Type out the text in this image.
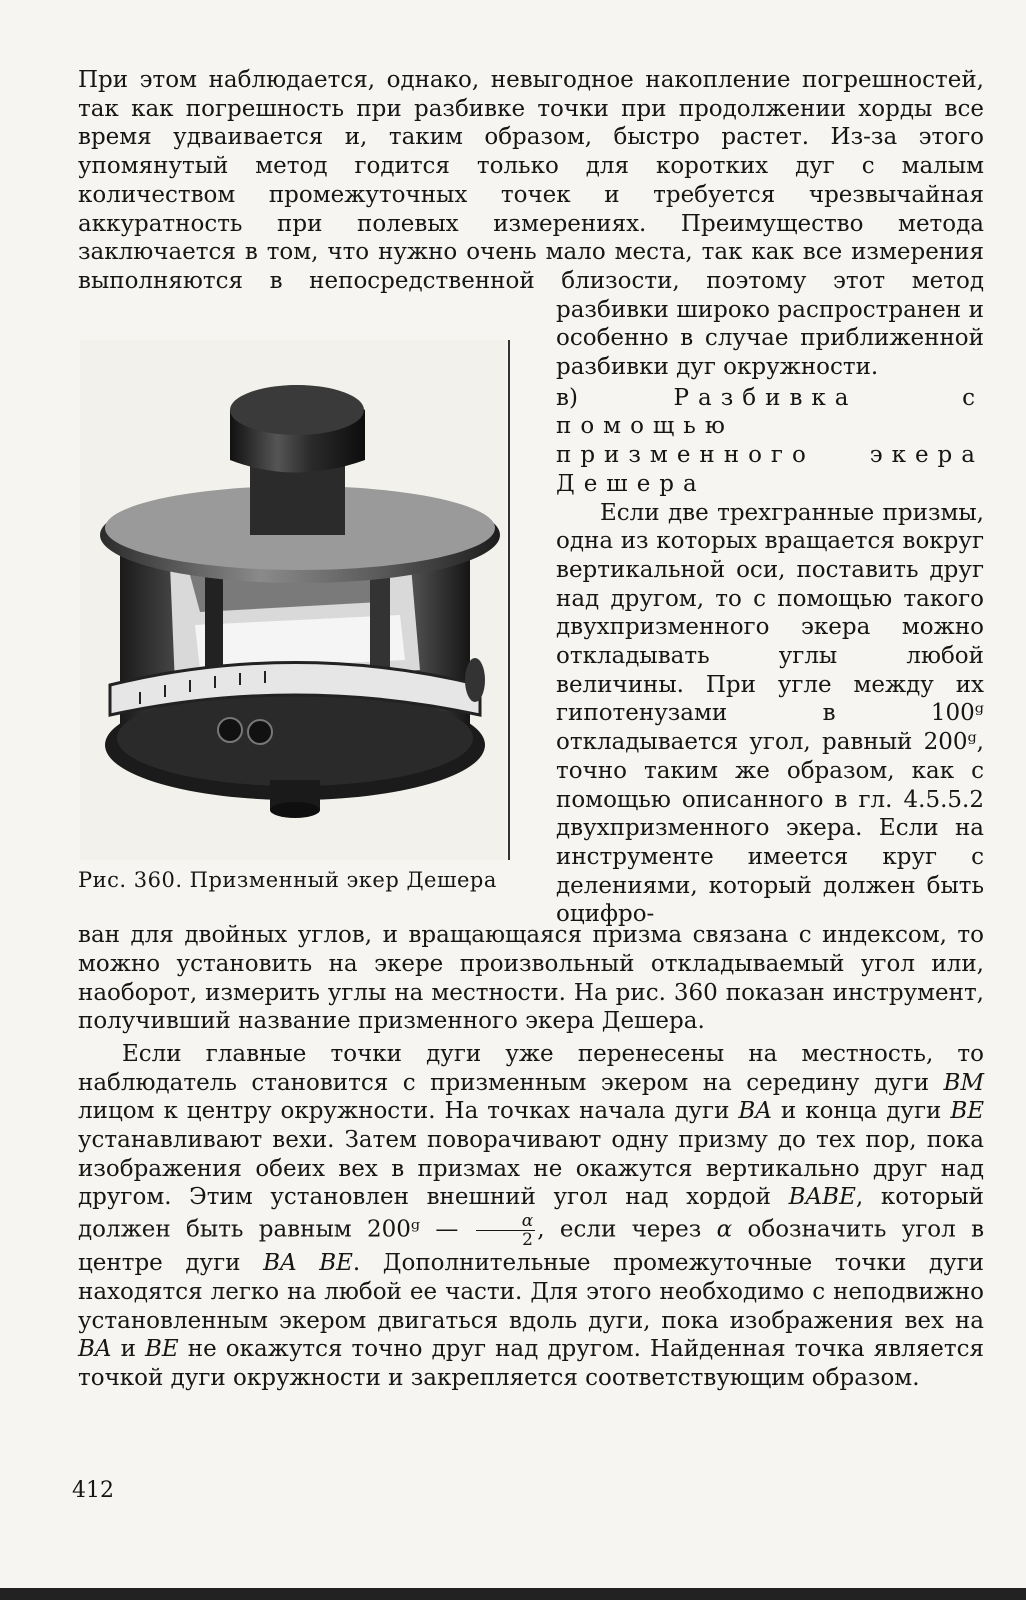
При этом наблюдается, однако, невыгодное накопление погрешностей, так как погрешность при разбивке точки при продолжении хорды все время удваивается и, таким образом, быстро растет. Из-за этого упомянутый метод годится только для коротких дуг с малым количеством промежуточных точек и требуется чрезвычайная аккуратность при полевых измерениях. Преимущество метода заключается в том, что нужно очень мало места, так как все измерения выполняются в непосредственной близости, поэтому этот метод

Рис. 360. Призменный экер Дешера

разбивки широко распространен и особенно в случае приближенной разбивки дуг окружности.

в) Разбивка с помощью призменного экера Дешера

Если две трехгранные призмы, одна из которых вращается вокруг вертикальной оси, поставить друг над другом, то с помощью такого двухпризменного экера можно откладывать углы любой величины. При угле между их гипотенузами в 100ᵍ откладывается угол, равный 200ᵍ, точно таким же образом, как с помощью описанного в гл. 4.5.5.2 двухпризменного экера. Если на инструменте имеется круг с делениями, который должен быть оцифро-

ван для двойных углов, и вращающаяся призма связана с индексом, то можно установить на экере произвольный откладываемый угол или, наоборот, измерить углы на местности. На рис. 360 показан инструмент, получивший название призменного экера Дешера.

Если главные точки дуги уже перенесены на местность, то наблюдатель становится с призменным экером на середину дуги BM лицом к центру окружности. На точках начала дуги BA и конца дуги BE устанавливают вехи. Затем поворачивают одну призму до тех пор, пока изображения обеих вех в призмах не окажутся вертикально друг над другом. Этим установлен внешний угол над хордой BABE, который должен быть равным 200ᵍ — $\frac{\alpha}{2}$ , если через α обозначить угол в центре дуги BA BE. Дополнительные промежуточные точки дуги находятся легко на любой ее части. Для этого необходимо с неподвижно установленным экером двигаться вдоль дуги, пока изображения вех на BA и BE не окажутся точно друг над другом. Найденная точка является точкой дуги окружности и закрепляется соответствующим образом.

412
